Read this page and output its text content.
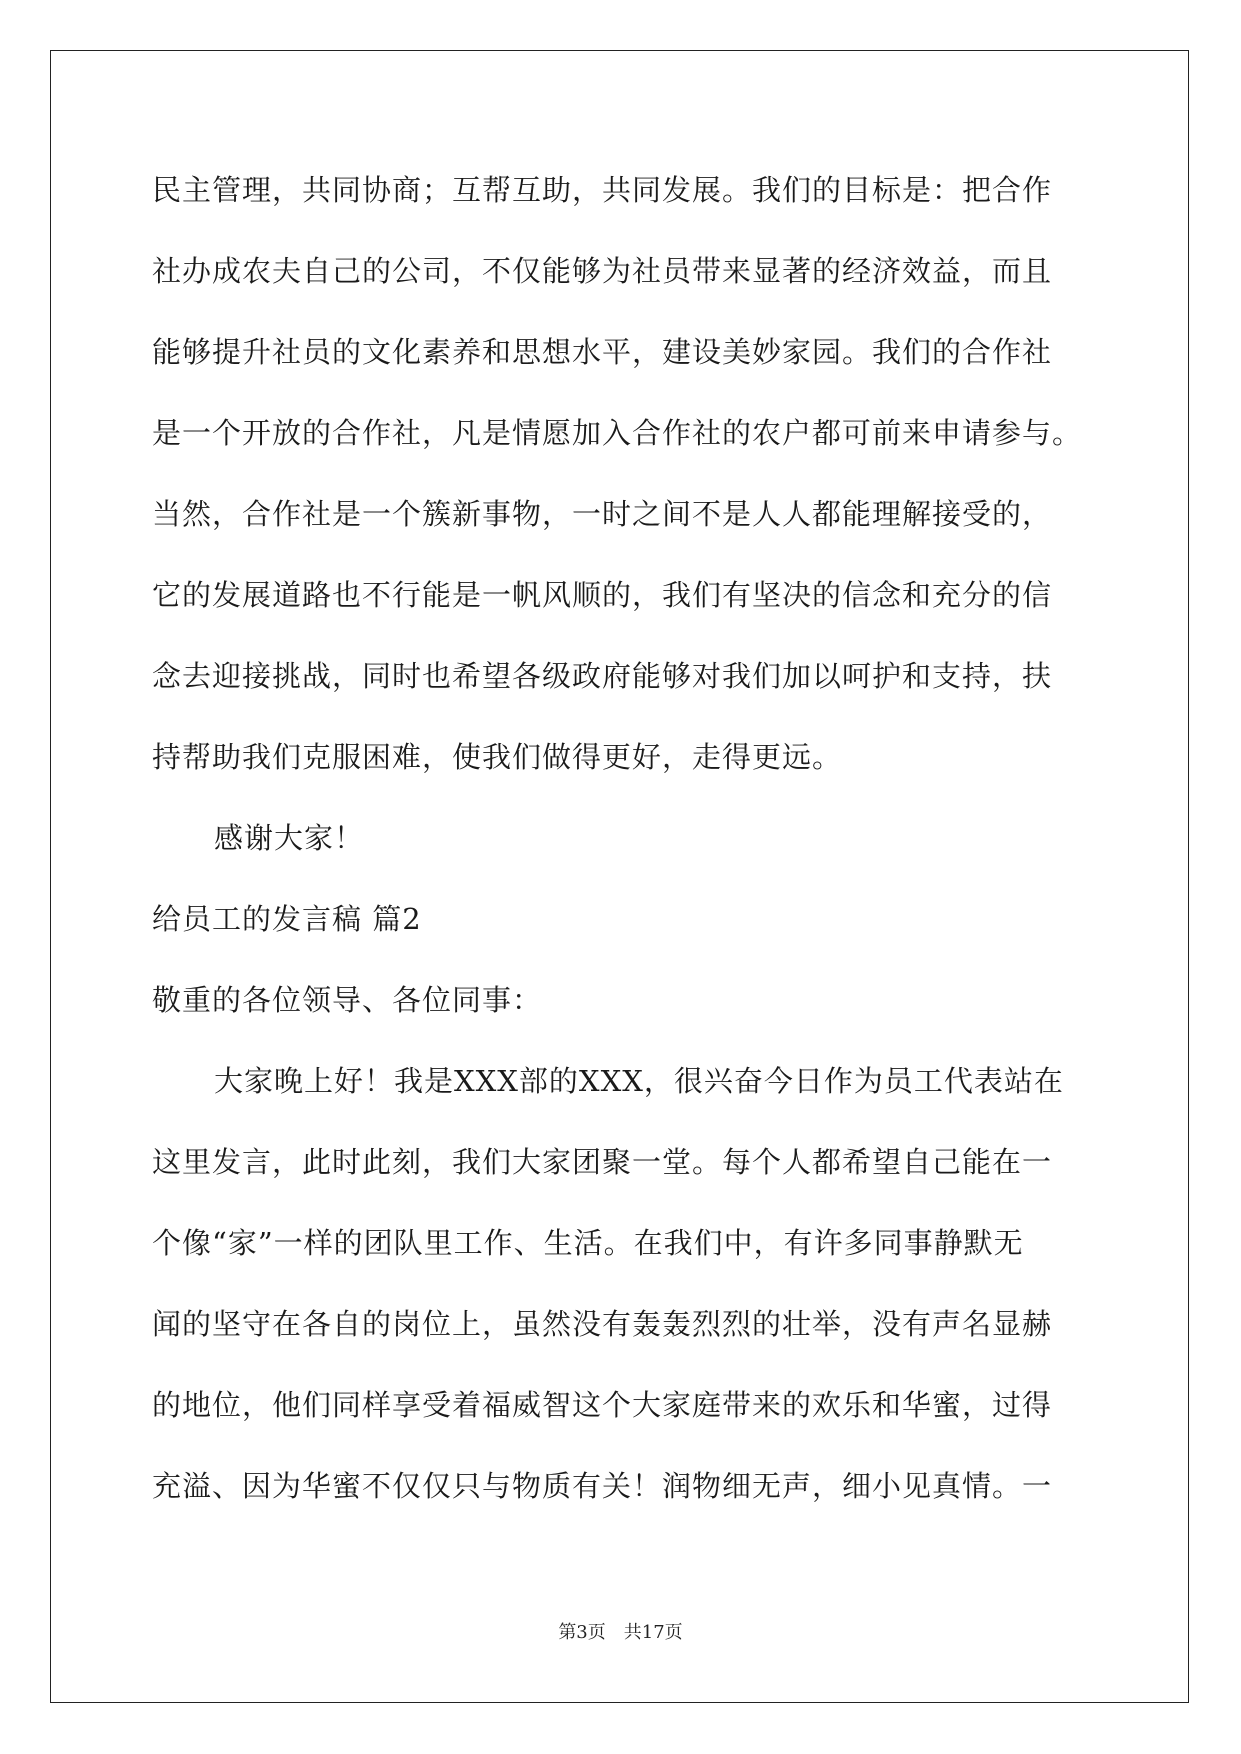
民主管理，共同协商；互帮互助，共同发展。我们的目标是：把合作
社办成农夫自己的公司，不仅能够为社员带来显著的经济效益，而且
能够提升社员的文化素养和思想水平，建设美妙家园。我们的合作社
是一个开放的合作社，凡是情愿加入合作社的农户都可前来申请参与。
当然，合作社是一个簇新事物，一时之间不是人人都能理解接受的，
它的发展道路也不行能是一帆风顺的，我们有坚决的信念和充分的信
念去迎接挑战，同时也希望各级政府能够对我们加以呵护和支持，扶
持帮助我们克服困难，使我们做得更好，走得更远。
感谢大家！
给员工的发言稿 篇2
敬重的各位领导、各位同事：
大家晚上好！我是XXX部的XXX，很兴奋今日作为员工代表站在
这里发言，此时此刻，我们大家团聚一堂。每个人都希望自己能在一
个像“家”一样的团队里工作、生活。在我们中，有许多同事静默无
闻的坚守在各自的岗位上，虽然没有轰轰烈烈的壮举，没有声名显赫
的地位，他们同样享受着福威智这个大家庭带来的欢乐和华蜜，过得
充溢、因为华蜜不仅仅只与物质有关！润物细无声，细小见真情。一
第3页　共17页
